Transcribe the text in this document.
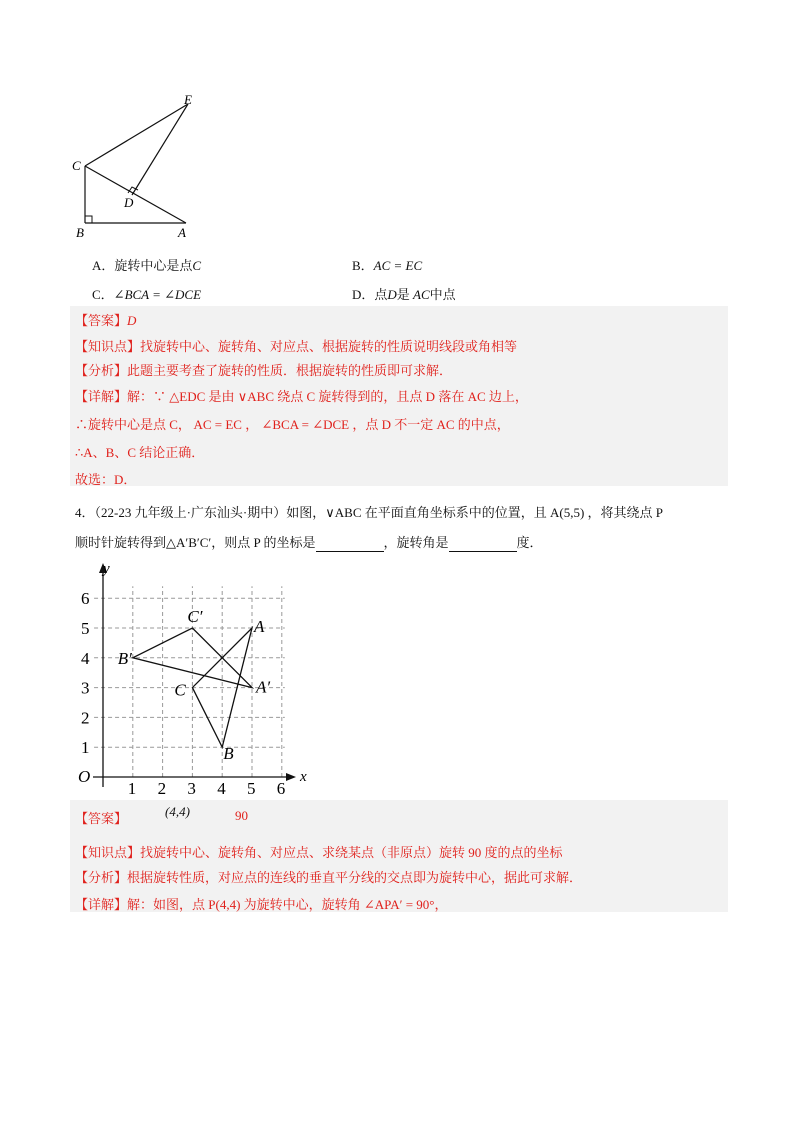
E
C
D
B	A
A．旋转中心是点C	B．AC = EC
C．∠BCA = ∠DCE	D．点D是 AC中点
【答案】D
【知识点】找旋转中心、旋转角、对应点、根据旋转的性质说明线段或角相等
【分析】此题主要考查了旋转的性质．根据旋转的性质即可求解．
【详解】解：∵ △EDC 是由 ∨ABC 绕点 C 旋转得到的，且点 D 落在 AC 边上，
∴旋转中心是点 C， AC = EC ， ∠BCA = ∠DCE ，点 D 不一定 AC 的中点，
∴A、B、C 结论正确．
故选：D．
4．（22-23 九年级上·广东汕头·期中）如图，∨ABC 在平面直角坐标系中的位置，且 A(5,5) ，将其绕点 P
顺时针旋转得到△A′B′C′，则点 P 的坐标是	，旋转角是	度．
x
y
O
1 2 3 4 5 6
1
2
3
4
5
6
C′
A
B′
C	A′
B
【答案】	(4,4)	90
【知识点】找旋转中心、旋转角、对应点、求绕某点（非原点）旋转 90 度的点的坐标
【分析】根据旋转性质，对应点的连线的垂直平分线的交点即为旋转中心，据此可求解．
【详解】解：如图，点 P(4,4) 为旋转中心，旋转角 ∠APA′ = 90°，
